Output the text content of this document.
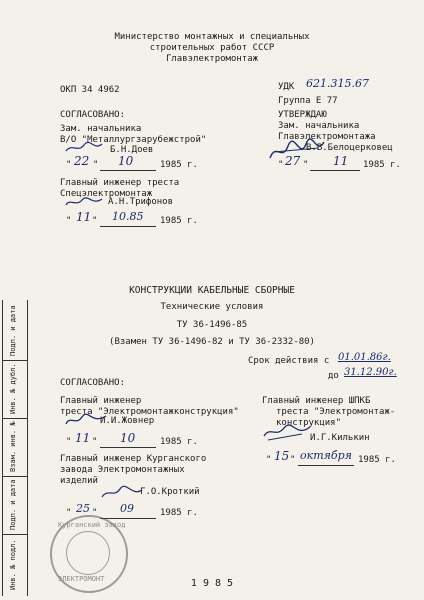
Министерство монтажных и специальных
строительных работ СССР
Главэлектромонтаж
ОКП 34 4962	УДК 621.315.67
Группа Е 77
УТВЕРЖДАЮ
Зам. начальника
Главэлектромонтажа
В.В.Белоцерковец
" 27 " 11 1985 г.
СОГЛАСОВАНО:
Зам. начальника
В/О "Металлургзарубежстрой"
Б.Н.Доев
" 22 " 10	1985 г.
Главный инженер треста
Спецэлектромонтаж
А.Н.Трифонов
" 11 " 10.85 1985 г.
КОНСТРУКЦИИ КАБЕЛЬНЫЕ СБОРНЫЕ
Технические условия
ТУ 36-1496-85
(Взамен ТУ 36-1496-82 и ТУ 36-2332-80)
Срок действия с 01.01.86г.
до 31.12.90г.
СОГЛАСОВАНО:
Главный инженер
треста "Электромонтажконструкция"
И.И.Жовнер
" 11 " 10	1985 г.
Главный инженер Курганского
завода Электромонтажных
изделий
Г.О.Кроткий
" 25 " 09	1985 г.
Главный инженер ШПКБ
треста "Электромонтаж-
конструкция"
И.Г.Килькин
" 15 " октября 1985 г.
Курганский завод
ЭЛЕКТРОМОНТ	1 9 8 5
Подп. и дата
Инв. № дубл.
Взам. инв. №
Подп. и дата
Инв. № подл.
